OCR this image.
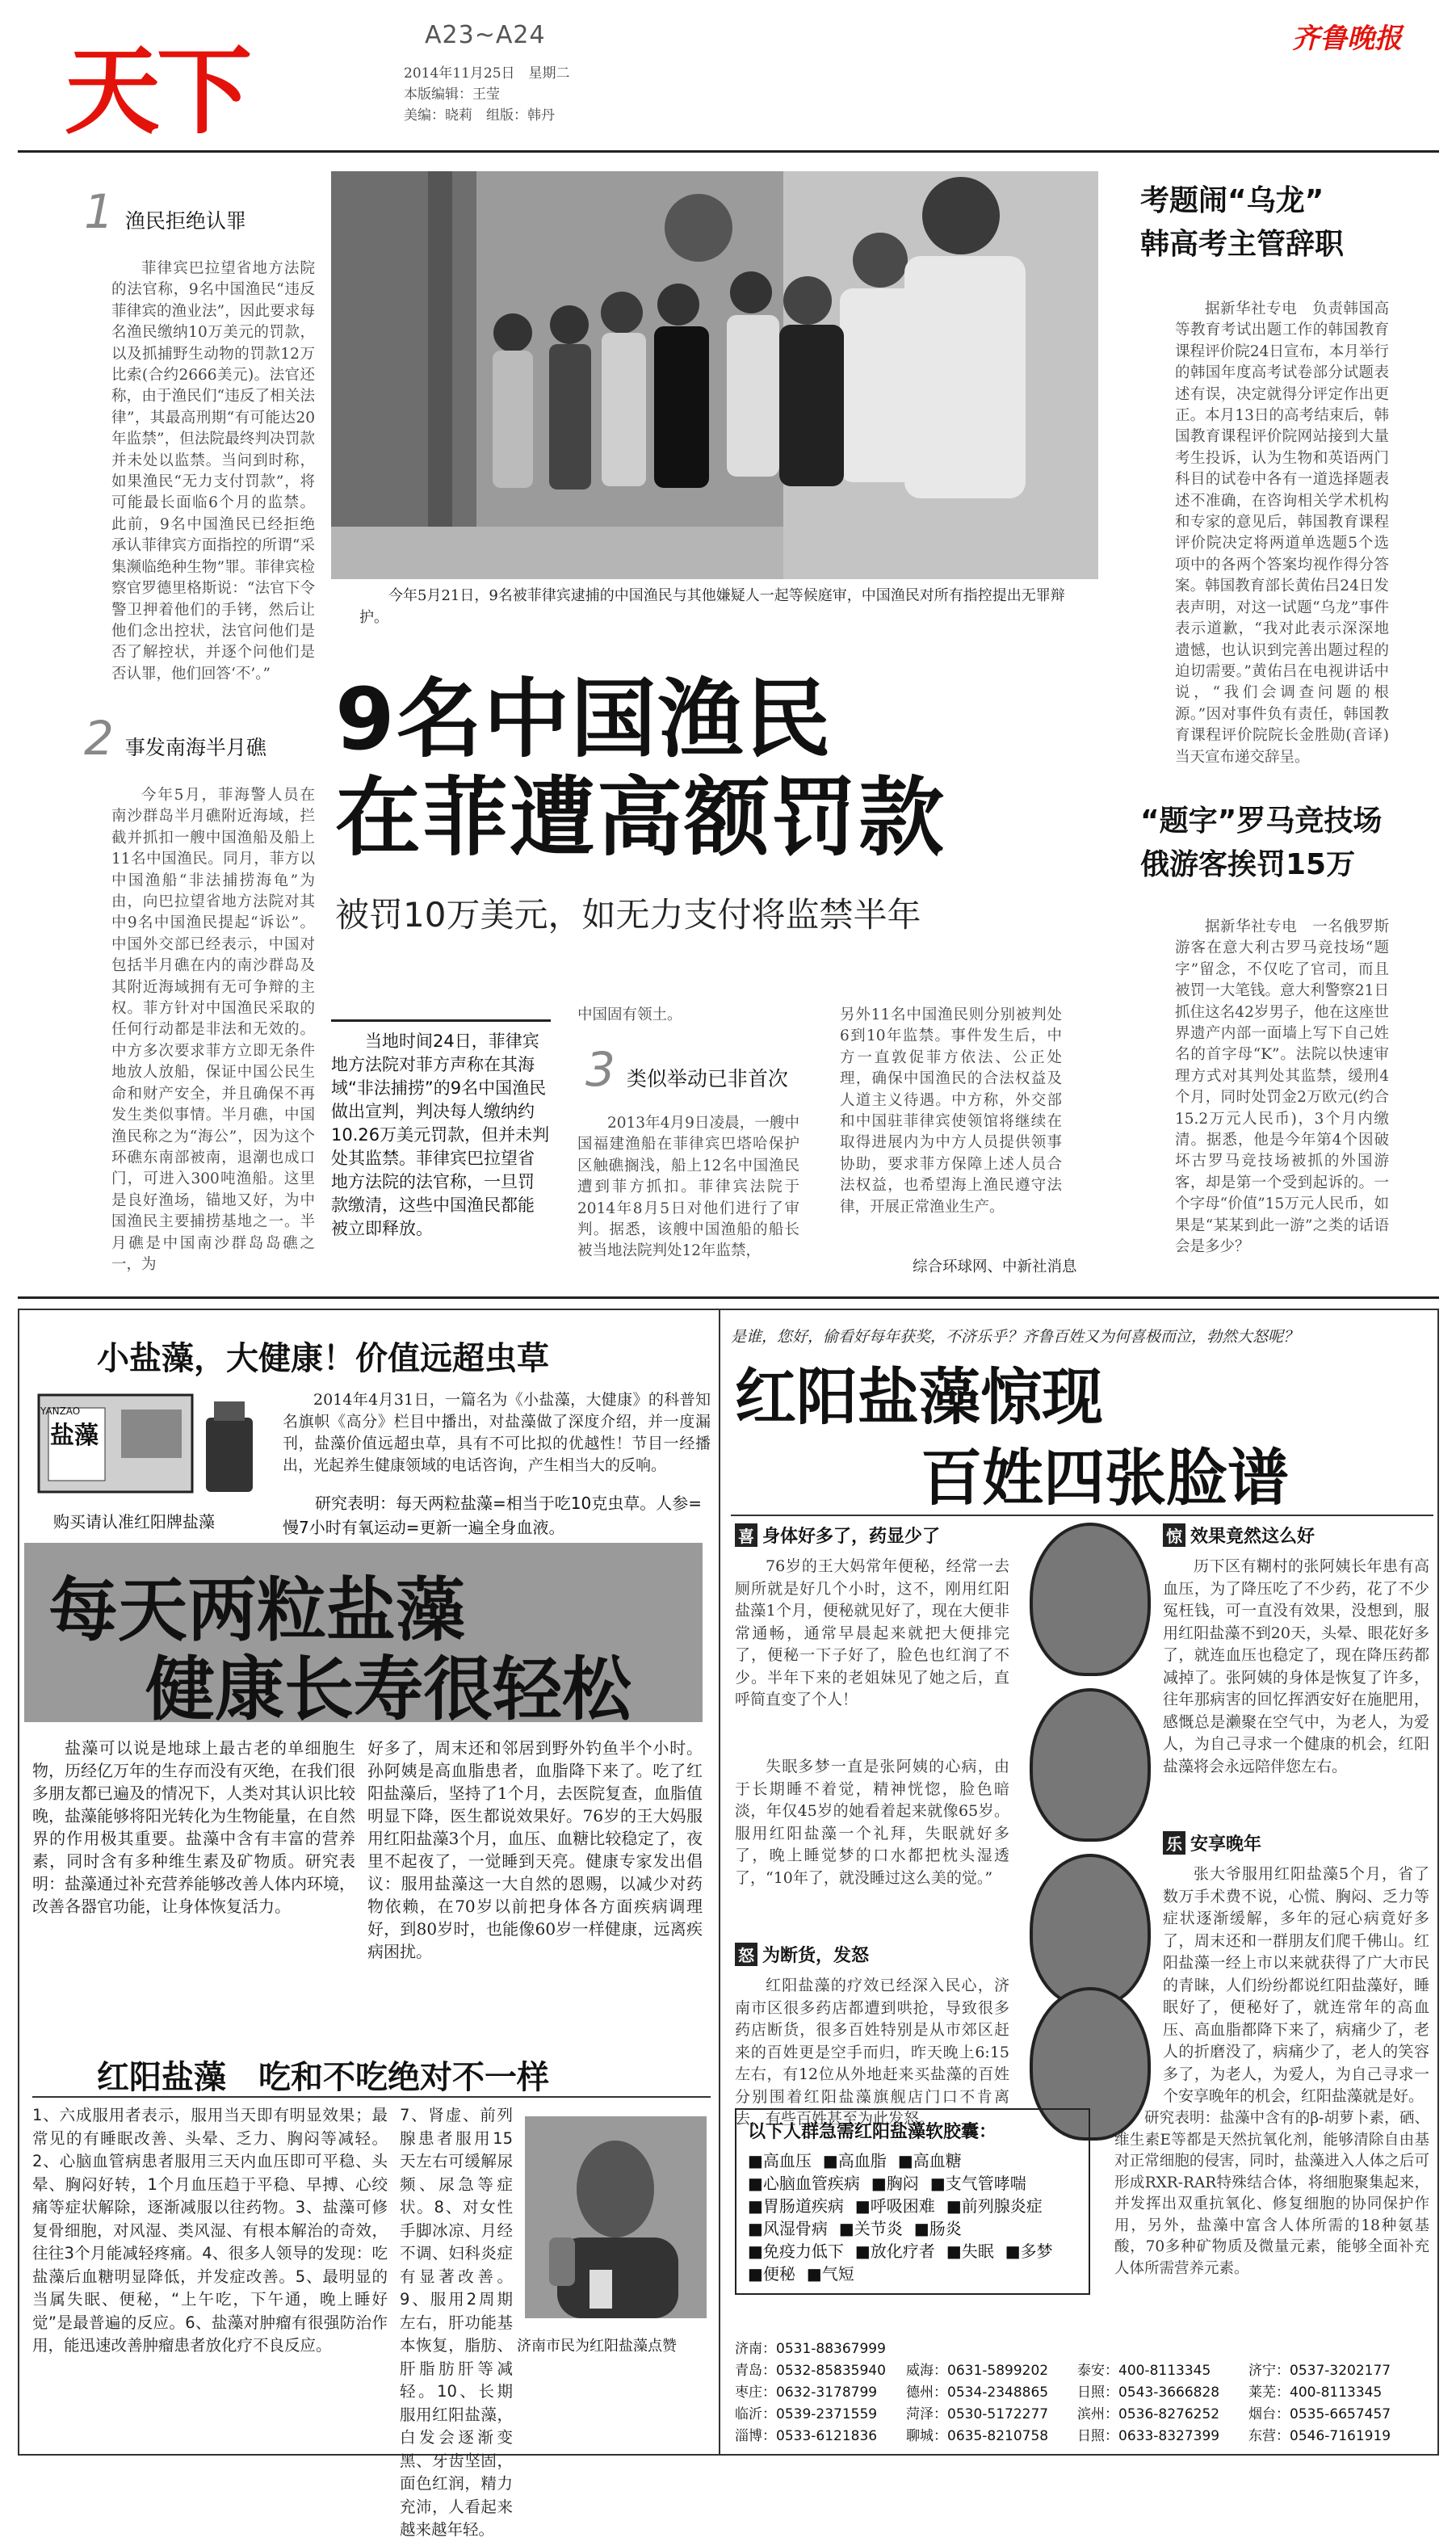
天下
A23~A24
2014年11月25日　星期二
本版编辑：王莹
美编：晓莉　组版：韩丹
齐鲁晚报
1 渔民拒绝认罪
菲律宾巴拉望省地方法院的法官称，9名中国渔民“违反菲律宾的渔业法”，因此要求每名渔民缴纳10万美元的罚款，以及抓捕野生动物的罚款12万比索(合约2666美元)。法官还称，由于渔民们“违反了相关法律”，其最高刑期“有可能达20年监禁”，但法院最终判决罚款并未处以监禁。当问到时称，如果渔民“无力支付罚款”，将可能最长面临6个月的监禁。此前，9名中国渔民已经拒绝承认菲律宾方面指控的所谓“采集濒临绝种生物”罪。菲律宾检察官罗德里格斯说：“法官下令警卫押着他们的手铐，然后让他们念出控状，法官问他们是否了解控状，并逐个问他们是否认罪，他们回答‘不’。”
2 事发南海半月礁
今年5月，菲海警人员在南沙群岛半月礁附近海域，拦截并抓扣一艘中国渔船及船上11名中国渔民。同月，菲方以中国渔船“非法捕捞海龟”为由，向巴拉望省地方法院对其中9名中国渔民提起“诉讼”。中国外交部已经表示，中国对包括半月礁在内的南沙群岛及其附近海域拥有无可争辩的主权。菲方针对中国渔民采取的任何行动都是非法和无效的。中方多次要求菲方立即无条件地放人放船，保证中国公民生命和财产安全，并且确保不再发生类似事情。半月礁，中国渔民称之为“海公”，因为这个环礁东南部被南，退潮也成口门，可进入300吨渔船。这里是良好渔场，锚地又好，为中国渔民主要捕捞基地之一。半月礁是中国南沙群岛岛礁之一，为
今年5月21日，9名被菲律宾逮捕的中国渔民与其他嫌疑人一起等候庭审，中国渔民对所有指控提出无罪辩护。
9名中国渔民
在菲遭高额罚款
被罚10万美元，如无力支付将监禁半年
当地时间24日，菲律宾地方法院对菲方声称在其海域“非法捕捞”的9名中国渔民做出宣判，判决每人缴纳约10.26万美元罚款，但并未判处其监禁。菲律宾巴拉望省地方法院的法官称，一旦罚款缴清，这些中国渔民都能被立即释放。
中国固有领土。
3 类似举动已非首次
2013年4月9日凌晨，一艘中国福建渔船在菲律宾巴塔哈保护区触礁搁浅，船上12名中国渔民遭到菲方抓扣。菲律宾法院于2014年8月5日对他们进行了审判。据悉，该艘中国渔船的船长被当地法院判处12年监禁，
另外11名中国渔民则分别被判处6到10年监禁。事件发生后，中方一直敦促菲方依法、公正处理，确保中国渔民的合法权益及人道主义待遇。中方称，外交部和中国驻菲律宾使领馆将继续在取得进展内为中方人员提供领事协助，要求菲方保障上述人员合法权益，也希望海上渔民遵守法律，开展正常渔业生产。
综合环球网、中新社消息
考题闹“乌龙”
韩高考主管辞职
据新华社专电　负责韩国高等教育考试出题工作的韩国教育课程评价院24日宣布，本月举行的韩国年度高考试卷部分试题表述有误，决定就得分评定作出更正。本月13日的高考结束后，韩国教育课程评价院网站接到大量考生投诉，认为生物和英语两门科目的试卷中各有一道选择题表述不准确，在咨询相关学术机构和专家的意见后，韩国教育课程评价院决定将两道单选题5个选项中的各两个答案均视作得分答案。韩国教育部长黄佑吕24日发表声明，对这一试题“乌龙”事件表示道歉，“我对此表示深深地遗憾，也认识到完善出题过程的迫切需要。”黄佑吕在电视讲话中说，“我们会调查问题的根源。”因对事件负有责任，韩国教育课程评价院院长金胜勋(音译)当天宣布递交辞呈。
“题字”罗马竞技场
俄游客挨罚15万
据新华社专电　一名俄罗斯游客在意大利古罗马竞技场“题字”留念，不仅吃了官司，而且被罚一大笔钱。意大利警察21日抓住这名42岁男子，他在这座世界遗产内部一面墙上写下自己姓名的首字母“K”。法院以快速审理方式对其判处其监禁，缓刑4个月，同时处罚金2万欧元(约合15.2万元人民币)，3个月内缴清。据悉，他是今年第4个因破坏古罗马竞技场被抓的外国游客，却是第一个受到起诉的。一个字母“价值”15万元人民币，如果是“某某到此一游”之类的话语会是多少？
小盐藻，大健康！价值远超虫草
盐藻
YANZAO
购买请认准红阳牌盐藻
2014年4月31日，一篇名为《小盐藻，大健康》的科普知名旗帜《高分》栏目中播出，对盐藻做了深度介绍，并一度漏刊，盐藻价值远超虫草，具有不可比拟的优越性！节目一经播出，光起养生健康领域的电话咨询，产生相当大的反响。
研究表明：每天两粒盐藻=相当于吃10克虫草。人参=慢7小时有氧运动=更新一遍全身血液。
每天两粒盐藻
健康长寿很轻松
盐藻可以说是地球上最古老的单细胞生物，历经亿万年的生存而没有灭绝，在我们很多朋友都已遍及的情况下，人类对其认识比较晚，盐藻能够将阳光转化为生物能量，在自然界的作用极其重要。盐藻中含有丰富的营养素，同时含有多种维生素及矿物质。研究表明：盐藻通过补充营养能够改善人体内环境，改善各器官功能，让身体恢复活力。
好多了，周末还和邻居到野外钓鱼半个小时。孙阿姨是高血脂患者，血脂降下来了。吃了红阳盐藻后，坚持了1个月，去医院复查，血脂值明显下降，医生都说效果好。76岁的王大妈服用红阳盐藻3个月，血压、血糖比较稳定了，夜里不起夜了，一觉睡到天亮。健康专家发出倡议：服用盐藻这一大自然的恩赐，以减少对药物依赖，在70岁以前把身体各方面疾病调理好，到80岁时，也能像60岁一样健康，远离疾病困扰。
红阳盐藻　吃和不吃绝对不一样
1、六成服用者表示，服用当天即有明显效果；最常见的有睡眠改善、头晕、乏力、胸闷等减轻。2、心脑血管病患者服用三天内血压即可平稳、头晕、胸闷好转，1个月血压趋于平稳、早搏、心绞痛等症状解除，逐渐减服以往药物。3、盐藻可修复骨细胞，对风湿、类风湿、有根本解治的奇效，往往3个月能减轻疼痛。4、很多人领导的发现：吃盐藻后血糖明显降低，并发症改善。5、最明显的当属失眠、便秘，“上午吃，下午通，晚上睡好觉”是最普遍的反应。6、盐藻对肿瘤有很强防治作用，能迅速改善肿瘤患者放化疗不良反应。
7、肾虚、前列腺患者服用15天左右可缓解尿频、尿急等症状。8、对女性手脚冰凉、月经不调、妇科炎症有显著改善。9、服用2周期左右，肝功能基本恢复，脂肪、肝脂肪肝等减轻。10、长期服用红阳盐藻，白发会逐渐变黑、牙齿坚固，面色红润，精力充沛，人看起来越来越年轻。
济南市民为红阳盐藻点赞
是谁，您好，偷看好每年获奖，不济乐乎？齐鲁百姓又为何喜极而泣，勃然大怒呢？
红阳盐藻惊现
百姓四张脸谱
喜 身体好多了，药显少了
76岁的王大妈常年便秘，经常一去厕所就是好几个小时，这不，刚用红阳盐藻1个月，便秘就见好了，现在大便非常通畅，通常早晨起来就把大便排完了，便秘一下子好了，脸色也红润了不少。半年下来的老姐妹见了她之后，直呼简直变了个人！
失眠多梦一直是张阿姨的心病，由于长期睡不着觉，精神恍惚，脸色暗淡，年仅45岁的她看着起来就像65岁。服用红阳盐藻一个礼拜，失眠就好多了，晚上睡觉梦的口水都把枕头湿透了，“10年了，就没睡过这么美的觉。”
怒 为断货，发怒
红阳盐藻的疗效已经深入民心，济南市区很多药店都遭到哄抢，导致很多药店断货，很多百姓特别是从市郊区赶来的百姓更是空手而归，昨天晚上6:15左右，有12位从外地赶来买盐藻的百姓分别围着红阳盐藻旗舰店门口不肯离去，有些百姓甚至为此发怒。
惊 效果竟然这么好
历下区有糊村的张阿姨长年患有高血压，为了降压吃了不少药，花了不少冤枉钱，可一直没有效果，没想到，服用红阳盐藻不到20天，头晕、眼花好多了，就连血压也稳定了，现在降压药都减掉了。张阿姨的身体是恢复了许多，往年那病害的回忆挥洒安好在施肥用，感慨总是濑聚在空气中，为老人，为爱人，为自己寻求一个健康的机会，红阳盐藻将会永远陪伴您左右。
乐 安享晚年
张大爷服用红阳盐藻5个月，省了数万手术费不说，心慌、胸闷、乏力等症状逐渐缓解，多年的冠心病竟好多了，周末还和一群朋友们爬千佛山。红阳盐藻一经上市以来就获得了广大市民的青睐，人们纷纷都说红阳盐藻好，睡眠好了，便秘好了，就连常年的高血压、高血脂都降下来了，病痛少了，老人的折磨没了，病痛少了，老人的笑容多了，为老人，为爱人，为自己寻求一个安享晚年的机会，红阳盐藻就是好。
以下人群急需红阳盐藻软胶囊：
■高血压 ■高血脂 ■高血糖■心脑血管疾病 ■胸闷 ■支气管哮喘■胃肠道疾病 ■呼吸困难 ■前列腺炎症■风湿骨病 ■关节炎 ■肠炎■免疫力低下 ■放化疗者 ■失眠 ■多梦■便秘 ■气短
研究表明：盐藻中含有的β-胡萝卜素，硒、维生素E等都是天然抗氧化剂，能够清除自由基对正常细胞的侵害，同时，盐藻进入人体之后可形成RXR-RAR特殊结合体，将细胞聚集起来，并发挥出双重抗氧化、修复细胞的协同保护作用，另外，盐藻中富含人体所需的18种氨基酸，70多种矿物质及微量元素，能够全面补充人体所需营养元素。
济南：0531-88367999
青岛：0532-85835940 威海：0631-5899202 泰安：400-8113345	济宁：0537-3202177枣庄：0632-3178799 德州：0534-2348865 日照：0543-3666828 莱芜：400-8113345临沂：0539-2371559 菏泽：0530-5172277 滨州：0536-8276252 烟台：0535-6657457淄博：0533-6121836 聊城：0635-8210758 日照：0633-8327399 东营：0546-7161919
